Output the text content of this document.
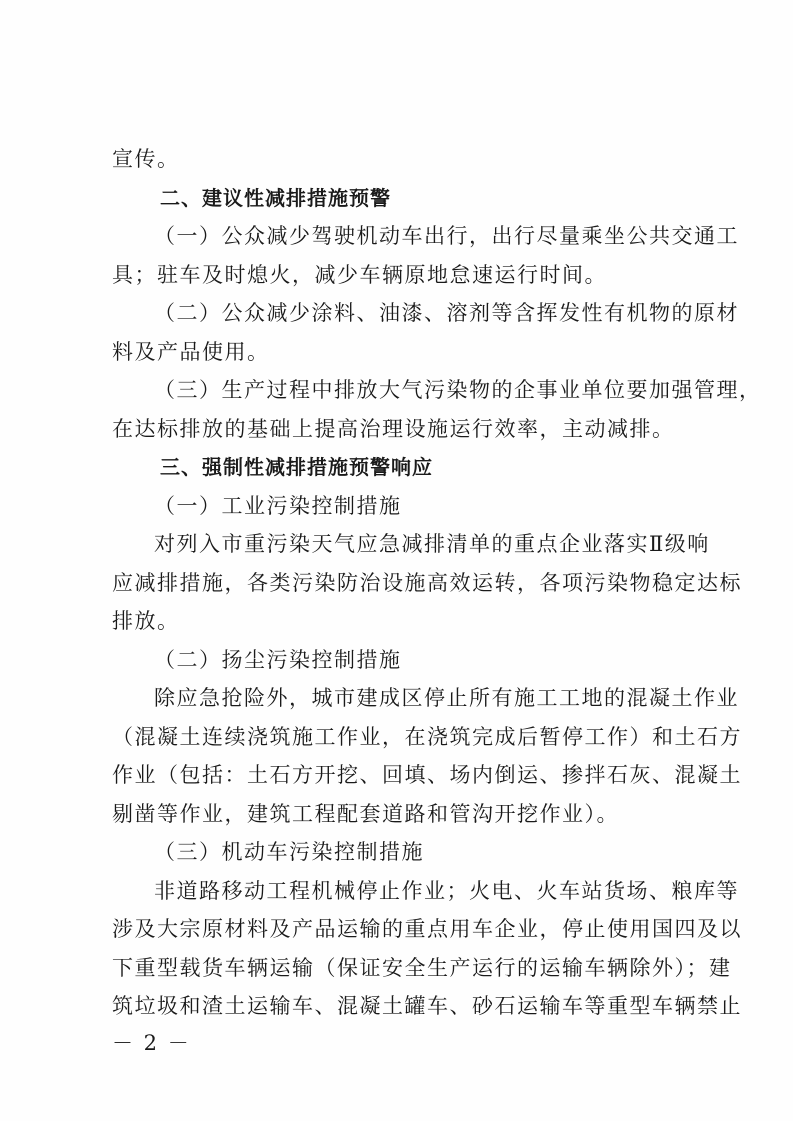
宣传。
二、建议性减排措施预警
（一）公众减少驾驶机动车出行，出行尽量乘坐公共交通工
具；驻车及时熄火，减少车辆原地怠速运行时间。
（二）公众减少涂料、油漆、溶剂等含挥发性有机物的原材
料及产品使用。
（三）生产过程中排放大气污染物的企事业单位要加强管理，
在达标排放的基础上提高治理设施运行效率，主动减排。
三、强制性减排措施预警响应
（一）工业污染控制措施
对列入市重污染天气应急减排清单的重点企业落实Ⅱ级响
应减排措施，各类污染防治设施高效运转，各项污染物稳定达标
排放。
（二）扬尘污染控制措施
除应急抢险外，城市建成区停止所有施工工地的混凝土作业
（混凝土连续浇筑施工作业，在浇筑完成后暂停工作）和土石方
作业（包括：土石方开挖、回填、场内倒运、掺拌石灰、混凝土
剔凿等作业，建筑工程配套道路和管沟开挖作业）。
（三）机动车污染控制措施
非道路移动工程机械停止作业；火电、火车站货场、粮库等
涉及大宗原材料及产品运输的重点用车企业，停止使用国四及以
下重型载货车辆运输（保证安全生产运行的运输车辆除外）；建
筑垃圾和渣土运输车、混凝土罐车、砂石运输车等重型车辆禁止
－ 2 －
